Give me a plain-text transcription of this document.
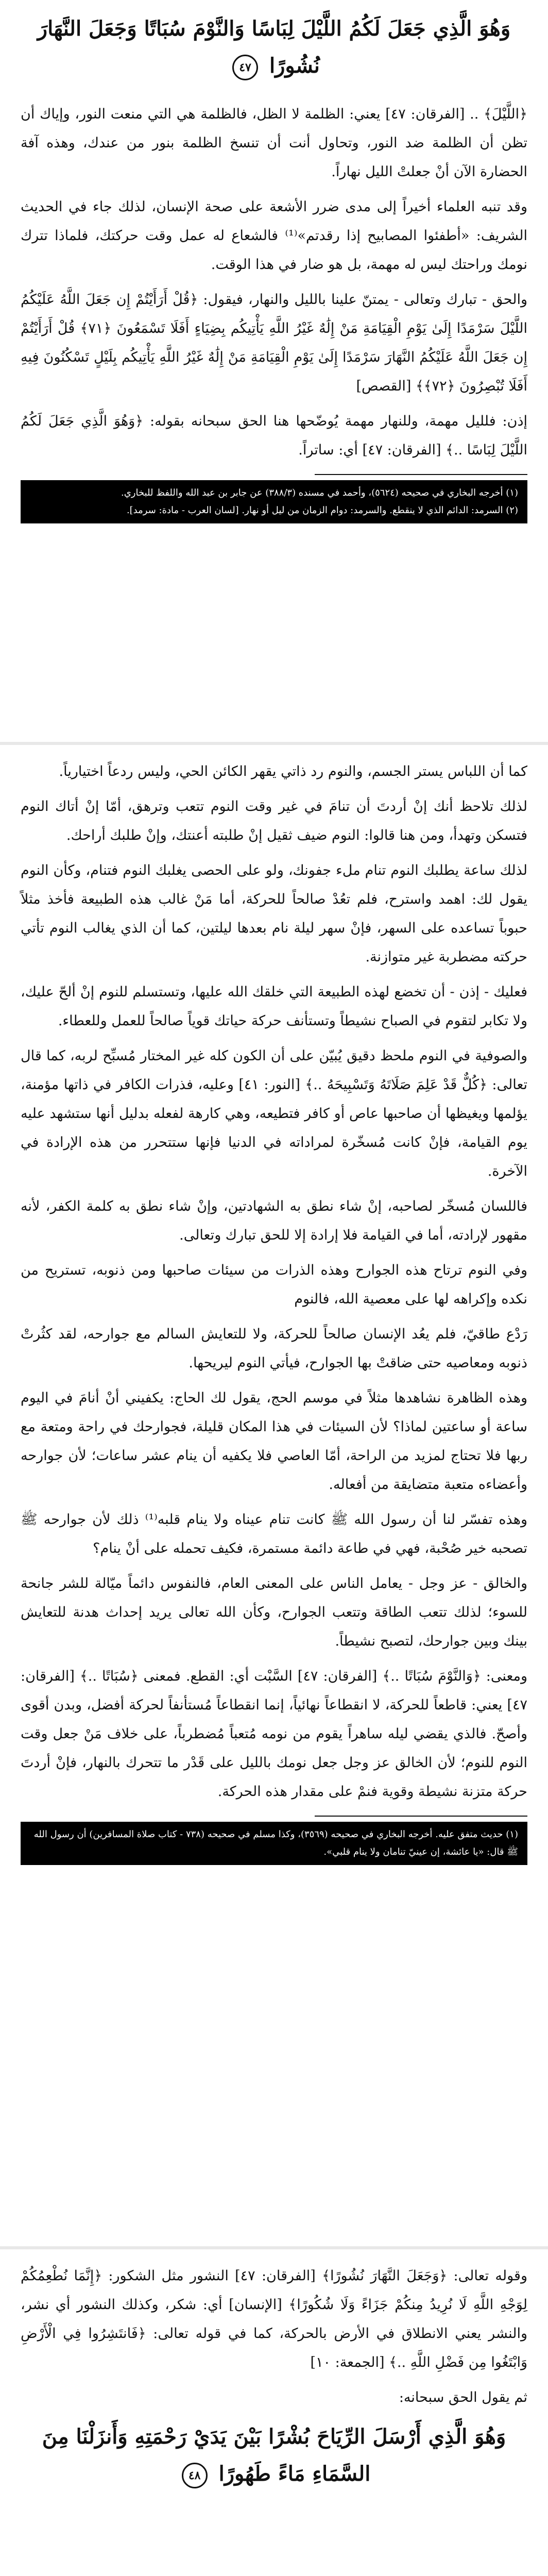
وَهُوَ الَّذِي جَعَلَ لَكُمُ اللَّيْلَ لِبَاسًا وَالنَّوْمَ سُبَاتًا وَجَعَلَ النَّهَارَ نُشُورًا ٤٧

﴿اللَّيْلَ﴾ .. [الفرقان: ٤٧] يعني: الظلمة لا الظل، فالظلمة هي التي منعت النور، وإياك أن تظن أن الظلمة ضد النور، وتحاول أنت أن تنسخ الظلمة بنور من عندك، وهذه آفة الحضارة الآن أنْ جعلتْ الليل نهاراً.

وقد تنبه العلماء أخيراً إلى مدى ضرر الأشعة على صحة الإنسان، لذلك جاء في الحديث الشريف: «أطفئوا المصابيح إذا رقدتم»⁽¹⁾ فالشعاع له عمل وقت حركتك، فلماذا تترك نومك وراحتك ليس له مهمة، بل هو ضار في هذا الوقت.

والحق - تبارك وتعالى - يمتنّ علينا بالليل والنهار، فيقول: ﴿قُلْ أَرَأَيْتُمْ إِن جَعَلَ اللَّهُ عَلَيْكُمُ اللَّيْلَ سَرْمَدًا إِلَىٰ يَوْمِ الْقِيَامَةِ مَنْ إِلَٰهٌ غَيْرُ اللَّهِ يَأْتِيكُم بِضِيَاءٍ أَفَلَا تَسْمَعُونَ ﴿٧١﴾ قُلْ أَرَأَيْتُمْ إِن جَعَلَ اللَّهُ عَلَيْكُمُ النَّهَارَ سَرْمَدًا إِلَىٰ يَوْمِ الْقِيَامَةِ مَنْ إِلَٰهٌ غَيْرُ اللَّهِ يَأْتِيكُم بِلَيْلٍ تَسْكُنُونَ فِيهِ أَفَلَا تُبْصِرُونَ ﴿٧٢﴾﴾ [القصص]

إذن: فلليل مهمة، وللنهار مهمة يُوضّحها هنا الحق سبحانه بقوله: ﴿وَهُوَ الَّذِي جَعَلَ لَكُمُ اللَّيْلَ لِبَاسًا ..﴾ [الفرقان: ٤٧] أي: ساتراً.

(١) أخرجه البخاري في صحيحه (٥٦٢٤)، وأحمد في مسنده (٣٨٨/٣) عن جابر بن عبد الله واللفظ للبخاري.
(٢) السرمد: الدائم الذي لا ينقطع. والسرمد: دوام الزمان من ليل أو نهار. [لسان العرب - مادة: سرمد].

كما أن اللباس يستر الجسم، والنوم رد ذاتي يقهر الكائن الحي، وليس ردعاً اختيارياً.

لذلك تلاحظ أنك إنْ أردتَ أن تنامَ في غير وقت النوم تتعب وترهق، أمّا إنْ أتاك النوم فتسكن وتهدأ، ومن هنا قالوا: النوم ضيف ثقيل إنْ طلبته أعنتك، وإنْ طلبك أراحك.

لذلك ساعة يطلبك النوم تنام ملء جفونك، ولو على الحصى يغلبك النوم فتنام، وكأن النوم يقول لك: اهمد واسترح، فلم تعُدْ صالحاً للحركة، أما مَنْ غالب هذه الطبيعة فأخذ مثلاً حبوباً تساعده على السهر، فإنْ سهر ليلة نام بعدها ليلتين، كما أن الذي يغالب النوم تأتي حركته مضطربة غير متوازنة.

فعليك - إذن - أن تخضع لهذه الطبيعة التي خلقك الله عليها، وتستسلم للنوم إنْ ألحّ عليك، ولا تكابر لتقوم في الصباح نشيطاً وتستأنف حركة حياتك قوياً صالحاً للعمل وللعطاء.

والصوفية في النوم ملحظ دقيق يُبيّن على أن الكون كله غير المختار مُسبِّح لربه، كما قال تعالى: ﴿كُلٌّ قَدْ عَلِمَ صَلَاتَهُ وَتَسْبِيحَهُ ..﴾ [النور: ٤١] وعليه، فذرات الكافر في ذاتها مؤمنة، يؤلمها ويغيظها أن صاحبها عاص أو كافر فتطيعه، وهي كارهة لفعله بدليل أنها ستشهد عليه يوم القيامة، فإنْ كانت مُسخّرة لمراداته في الدنيا فإنها ستتحرر من هذه الإرادة في الآخرة.

فاللسان مُسخّر لصاحبه، إنْ شاء نطق به الشهادتين، وإنْ شاء نطق به كلمة الكفر، لأنه مقهور لإرادته، أما في القيامة فلا إرادة إلا للحق تبارك وتعالى.

وفي النوم ترتاح هذه الجوارح وهذه الذرات من سيئات صاحبها ومن ذنوبه، تستريح من نكده وإكراهه لها على معصية الله، فالنوم

رَدْع طاقيّ، فلم يعُد الإنسان صالحاً للحركة، ولا للتعايش السالم مع جوارحه، لقد كثُرتْ ذنوبه ومعاصيه حتى ضاقتْ بها الجوارح، فيأتي النوم ليريحها.

وهذه الظاهرة نشاهدها مثلاً في موسم الحج، يقول لك الحاج: يكفيني أنْ أنامَ في اليوم ساعة أو ساعتين لماذا؟ لأن السيئات في هذا المكان قليلة، فجوارحك في راحة ومتعة مع ربها فلا تحتاج لمزيد من الراحة، أمّا العاصي فلا يكفيه أن ينام عشر ساعات؛ لأن جوارحه وأعضاءه متعبة متضايقة من أفعاله.

وهذه تفسّر لنا أن رسول الله ﷺ كانت تنام عيناه ولا ينام قلبه⁽¹⁾ ذلك لأن جوارحه ﷺ تصحبه خير صُحْبة، فهي في طاعة دائمة مستمرة، فكيف تحمله على أنْ ينام؟

والخالق - عز وجل - يعامل الناس على المعنى العام، فالنفوس دائماً ميّالة للشر جانحة للسوء؛ لذلك تتعب الطاقة وتتعب الجوارح، وكأن الله تعالى يريد إحداث هدنة للتعايش بينك وبين جوارحك، لتصبح نشيطاً.

ومعنى: ﴿وَالنَّوْمَ سُبَاتًا ..﴾ [الفرقان: ٤٧] السَّبْت أي: القطع. فمعنى ﴿سُبَاتًا ..﴾ [الفرقان: ٤٧] يعني: قاطعاً للحركة، لا انقطاعاً نهائياً، إنما انقطاعاً مُستأنفاً لحركة أفضل، وبدن أقوى وأصحّ. فالذي يقضي ليله ساهراً يقوم من نومه مُتعباً مُضطرباً، على خلاف مَنْ جعل وقت النوم للنوم؛ لأن الخالق عز وجل جعل نومك بالليل على قَدْر ما تتحرك بالنهار، فإنْ أردتَ حركة متزنة نشيطة وقوية فنمْ على مقدار هذه الحركة.

(١) حديث متفق عليه. أخرجه البخاري في صحيحه (٣٥٦٩)، وكذا مسلم في صحيحه (٧٣٨ - كتاب صلاة المسافرين) أن رسول الله ﷺ قال: «يا عائشة، إن عينيّ تنامان ولا ينام قلبي».

وقوله تعالى: ﴿وَجَعَلَ النَّهَارَ نُشُورًا﴾ [الفرقان: ٤٧] النشور مثل الشكور: ﴿إِنَّمَا نُطْعِمُكُمْ لِوَجْهِ اللَّهِ لَا نُرِيدُ مِنكُمْ جَزَاءً وَلَا شُكُورًا﴾ [الإنسان] أي: شكر، وكذلك النشور أي نشر، والنشر يعني الانطلاق في الأرض بالحركة، كما في قوله تعالى: ﴿فَانتَشِرُوا فِي الْأَرْضِ وَابْتَغُوا مِن فَضْلِ اللَّهِ ..﴾ [الجمعة: ١٠]

ثم يقول الحق سبحانه:

وَهُوَ الَّذِي أَرْسَلَ الرِّيَاحَ بُشْرًا بَيْنَ يَدَيْ رَحْمَتِهِ وَأَنزَلْنَا مِنَ السَّمَاءِ مَاءً طَهُورًا ٤٨
